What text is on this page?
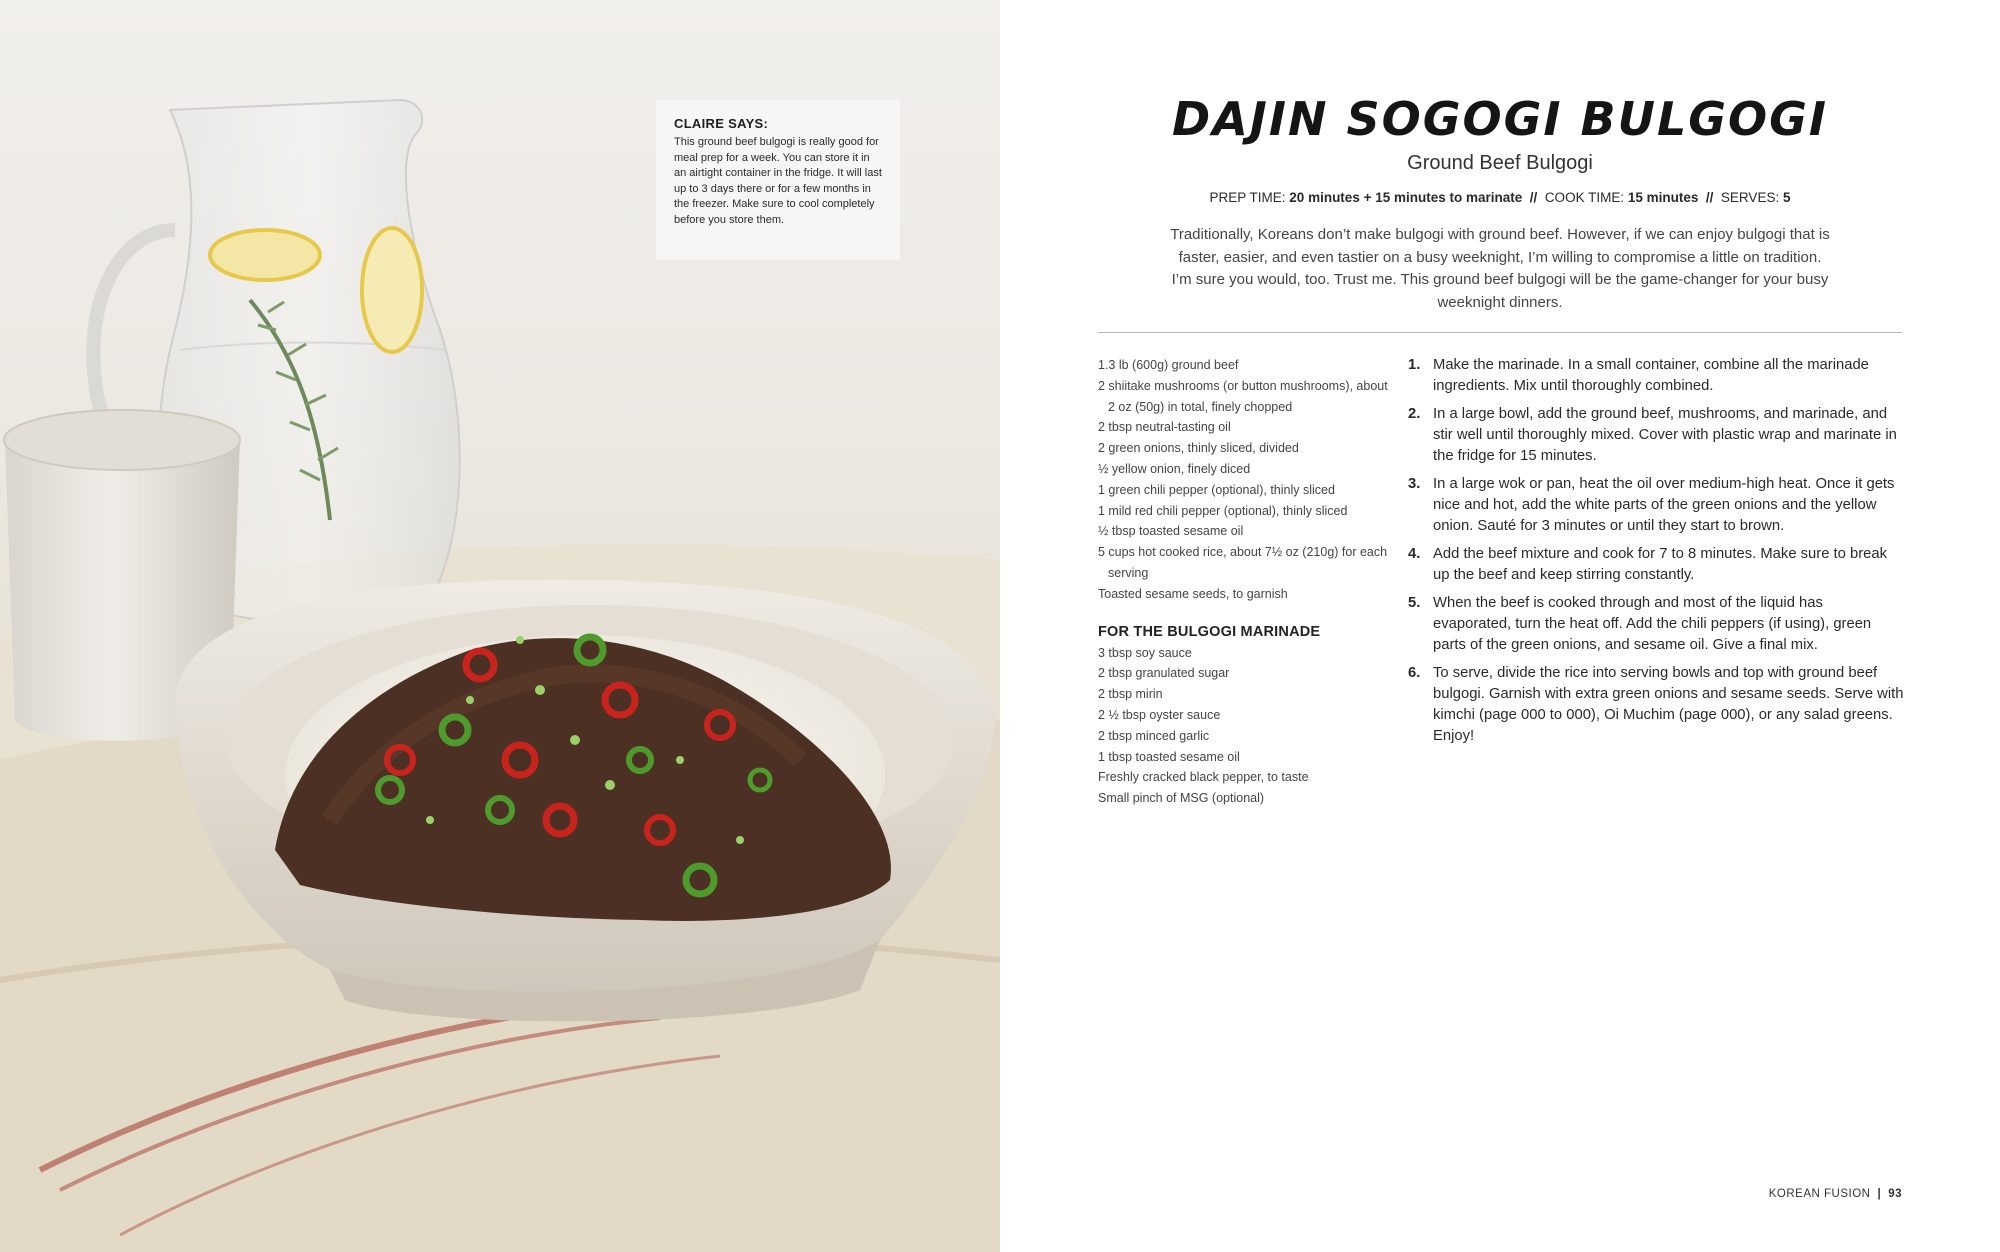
CLAIRE SAYS:
This ground beef bulgogi is really good for meal prep for a week. You can store it in an airtight container in the fridge. It will last up to 3 days there or for a few months in the freezer. Make sure to cool completely before you store them.
DAJIN SOGOGI BULGOGI
Ground Beef Bulgogi
PREP TIME: 20 minutes + 15 minutes to marinate // COOK TIME: 15 minutes // SERVES: 5
Traditionally, Koreans don’t make bulgogi with ground beef. However, if we can enjoy bulgogi that is faster, easier, and even tastier on a busy weeknight, I’m willing to compromise a little on tradition. I’m sure you would, too. Trust me. This ground beef bulgogi will be the game-changer for your busy weeknight dinners.
1.3 lb (600g) ground beef
2 shiitake mushrooms (or button mushrooms), about 2 oz (50g) in total, finely chopped
2 tbsp neutral-tasting oil
2 green onions, thinly sliced, divided
½ yellow onion, finely diced
1 green chili pepper (optional), thinly sliced
1 mild red chili pepper (optional), thinly sliced
½ tbsp toasted sesame oil
5 cups hot cooked rice, about 7½ oz (210g) for each serving
Toasted sesame seeds, to garnish
FOR THE BULGOGI MARINADE
3 tbsp soy sauce
2 tbsp granulated sugar
2 tbsp mirin
2 ½ tbsp oyster sauce
2 tbsp minced garlic
1 tbsp toasted sesame oil
Freshly cracked black pepper, to taste
Small pinch of MSG (optional)
1. Make the marinade. In a small container, combine all the marinade ingredients. Mix until thoroughly combined.
2. In a large bowl, add the ground beef, mushrooms, and marinade, and stir well until thoroughly mixed. Cover with plastic wrap and marinate in the fridge for 15 minutes.
3. In a large wok or pan, heat the oil over medium-high heat. Once it gets nice and hot, add the white parts of the green onions and the yellow onion. Sauté for 3 minutes or until they start to brown.
4. Add the beef mixture and cook for 7 to 8 minutes. Make sure to break up the beef and keep stirring constantly.
5. When the beef is cooked through and most of the liquid has evaporated, turn the heat off. Add the chili peppers (if using), green parts of the green onions, and sesame oil. Give a final mix.
6. To serve, divide the rice into serving bowls and top with ground beef bulgogi. Garnish with extra green onions and sesame seeds. Serve with kimchi (page 000 to 000), Oi Muchim (page 000), or any salad greens. Enjoy!
KOREAN FUSION | 93
